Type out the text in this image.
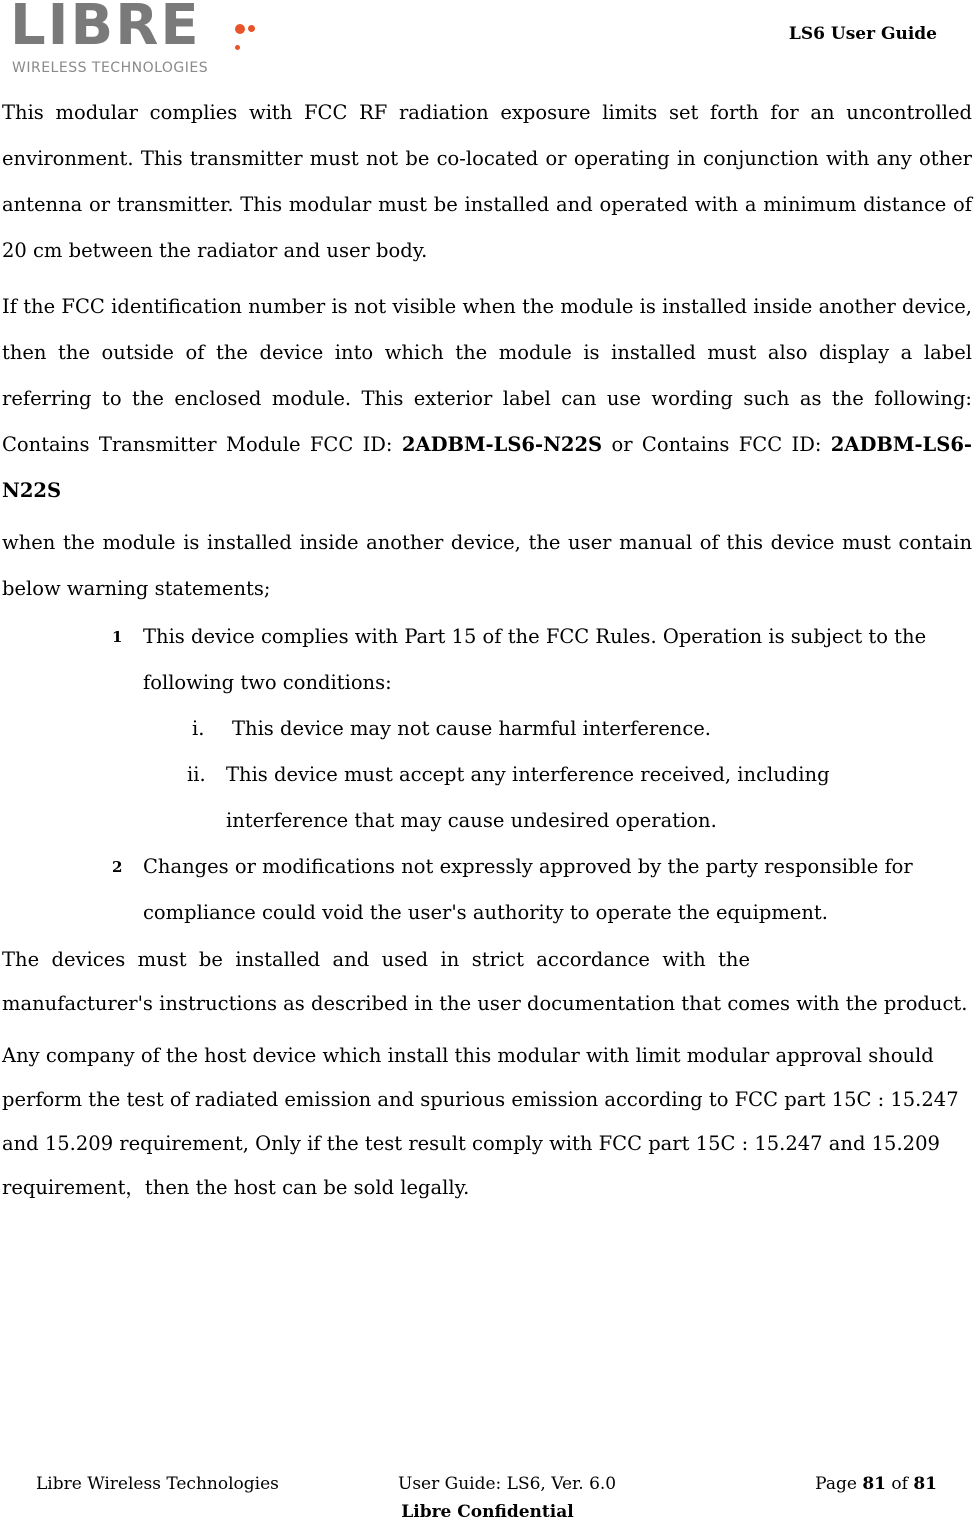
LIBRE
WIRELESS TECHNOLOGIES
LS6 User Guide

This modular complies with FCC RF radiation exposure limits set forth for an uncontrolled environment. This transmitter must not be co-located or operating in conjunction with any other antenna or transmitter. This modular must be installed and operated with a minimum distance of 20 cm between the radiator and user body.

If the FCC identification number is not visible when the module is installed inside another device, then the outside of the device into which the module is installed must also display a label referring to the enclosed module. This exterior label can use wording such as the following: Contains Transmitter Module FCC ID: 2ADBM-LS6-N22S or Contains FCC ID: 2ADBM-LS6-N22S

when the module is installed inside another device, the user manual of this device must contain below warning statements;

1 This device complies with Part 15 of the FCC Rules. Operation is subject to the following two conditions:
i.	This device may not cause harmful interference.
ii. This device must accept any interference received, including interference that may cause undesired operation.
2 Changes or modifications not expressly approved by the party responsible for compliance could void the user's authority to operate the equipment.

The  devices  must  be  installed  and  used  in  strict  accordance  with  the
manufacturer's instructions as described in the user documentation that comes with the product.

Any company of the host device which install this modular with limit modular approval should perform the test of radiated emission and spurious emission according to FCC part 15C : 15.247 and 15.209 requirement, Only if the test result comply with FCC part 15C : 15.247 and 15.209 requirement，then the host can be sold legally.

Libre Wireless Technologies	User Guide: LS6, Ver. 6.0	Page 81 of 81
Libre Confidential
